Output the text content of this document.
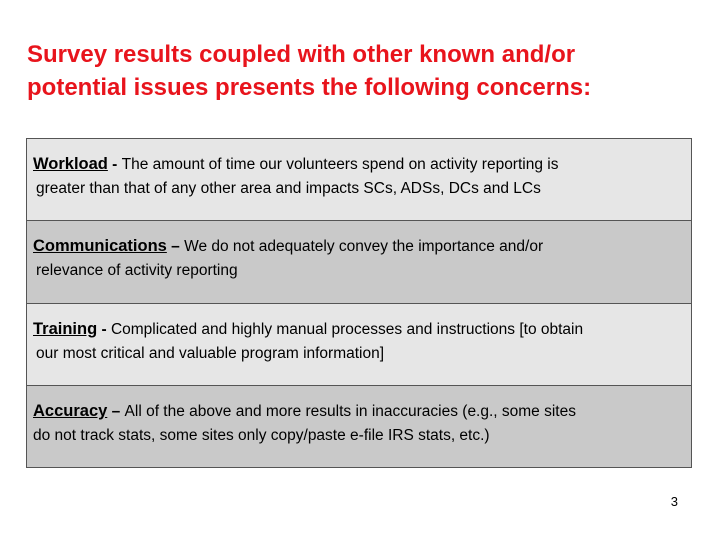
Survey results coupled with other known and/or
potential issues presents the following concerns:
Workload - The amount of time our volunteers spend on activity reporting is
greater than that of any other area and impacts SCs, ADSs, DCs and LCs
Communications – We do not adequately convey the importance and/or
relevance of activity reporting
Training - Complicated and highly manual processes and instructions [to obtain
our most critical and valuable program information]
Accuracy – All of the above and more results in inaccuracies (e.g., some sites
do not track stats, some sites only copy/paste e-file IRS stats, etc.)
3
